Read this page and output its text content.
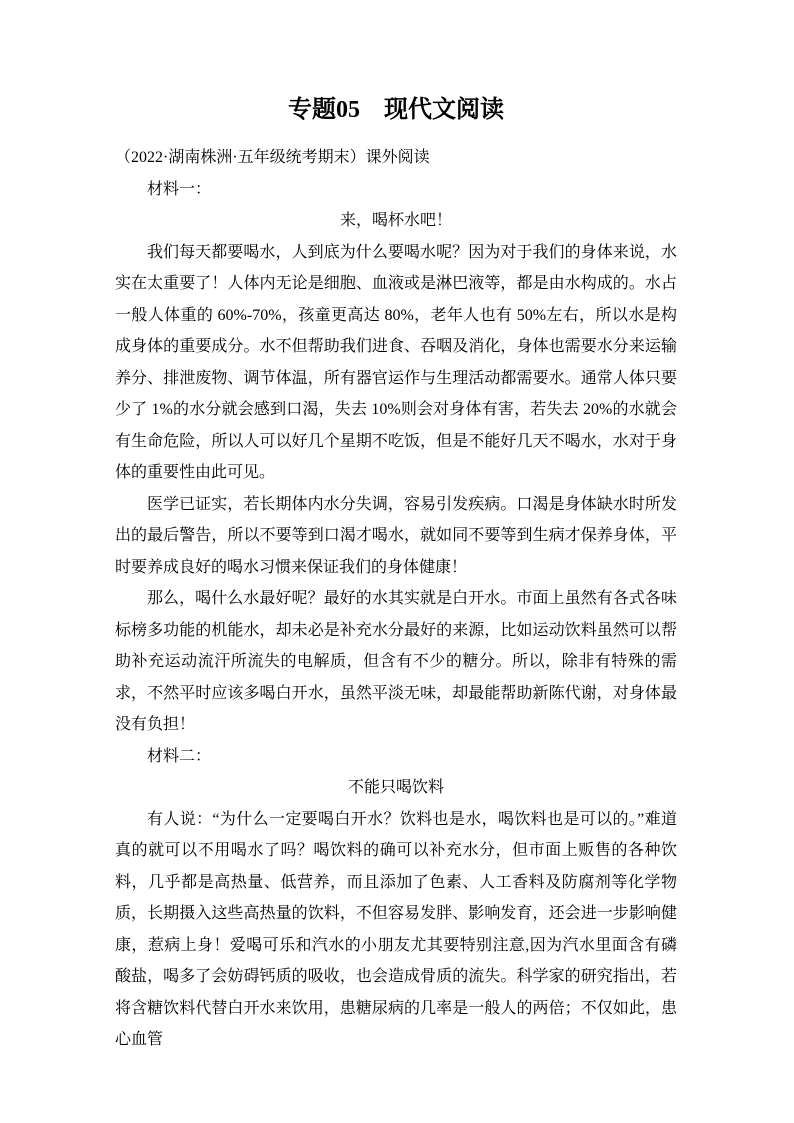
专题05　现代文阅读

（2022·湖南株洲·五年级统考期末）课外阅读

材料一：

来，喝杯水吧！

我们每天都要喝水，人到底为什么要喝水呢？因为对于我们的身体来说，水实在太重要了！人体内无论是细胞、血液或是淋巴液等，都是由水构成的。水占一般人体重的 60%-70%，孩童更高达 80%，老年人也有 50%左右，所以水是构成身体的重要成分。水不但帮助我们进食、吞咽及消化，身体也需要水分来运输养分、排泄废物、调节体温，所有器官运作与生理活动都需要水。通常人体只要少了 1%的水分就会感到口渴，失去 10%则会对身体有害，若失去 20%的水就会有生命危险，所以人可以好几个星期不吃饭，但是不能好几天不喝水，水对于身体的重要性由此可见。

医学已证实，若长期体内水分失调，容易引发疾病。口渴是身体缺水时所发出的最后警告，所以不要等到口渴才喝水，就如同不要等到生病才保养身体，平时要养成良好的喝水习惯来保证我们的身体健康！

那么，喝什么水最好呢？最好的水其实就是白开水。市面上虽然有各式各味标榜多功能的机能水，却未必是补充水分最好的来源，比如运动饮料虽然可以帮助补充运动流汗所流失的电解质，但含有不少的糖分。所以，除非有特殊的需求，不然平时应该多喝白开水，虽然平淡无味，却最能帮助新陈代谢，对身体最没有负担！

材料二：

不能只喝饮料

有人说：“为什么一定要喝白开水？饮料也是水，喝饮料也是可以的。”难道真的就可以不用喝水了吗？喝饮料的确可以补充水分，但市面上贩售的各种饮料，几乎都是高热量、低营养，而且添加了色素、人工香料及防腐剂等化学物质，长期摄入这些高热量的饮料，不但容易发胖、影响发育，还会进一步影响健康，惹病上身！爱喝可乐和汽水的小朋友尤其要特别注意,因为汽水里面含有磷酸盐，喝多了会妨碍钙质的吸收，也会造成骨质的流失。科学家的研究指出，若将含糖饮料代替白开水来饮用，患糖尿病的几率是一般人的两倍；不仅如此，患心血管
